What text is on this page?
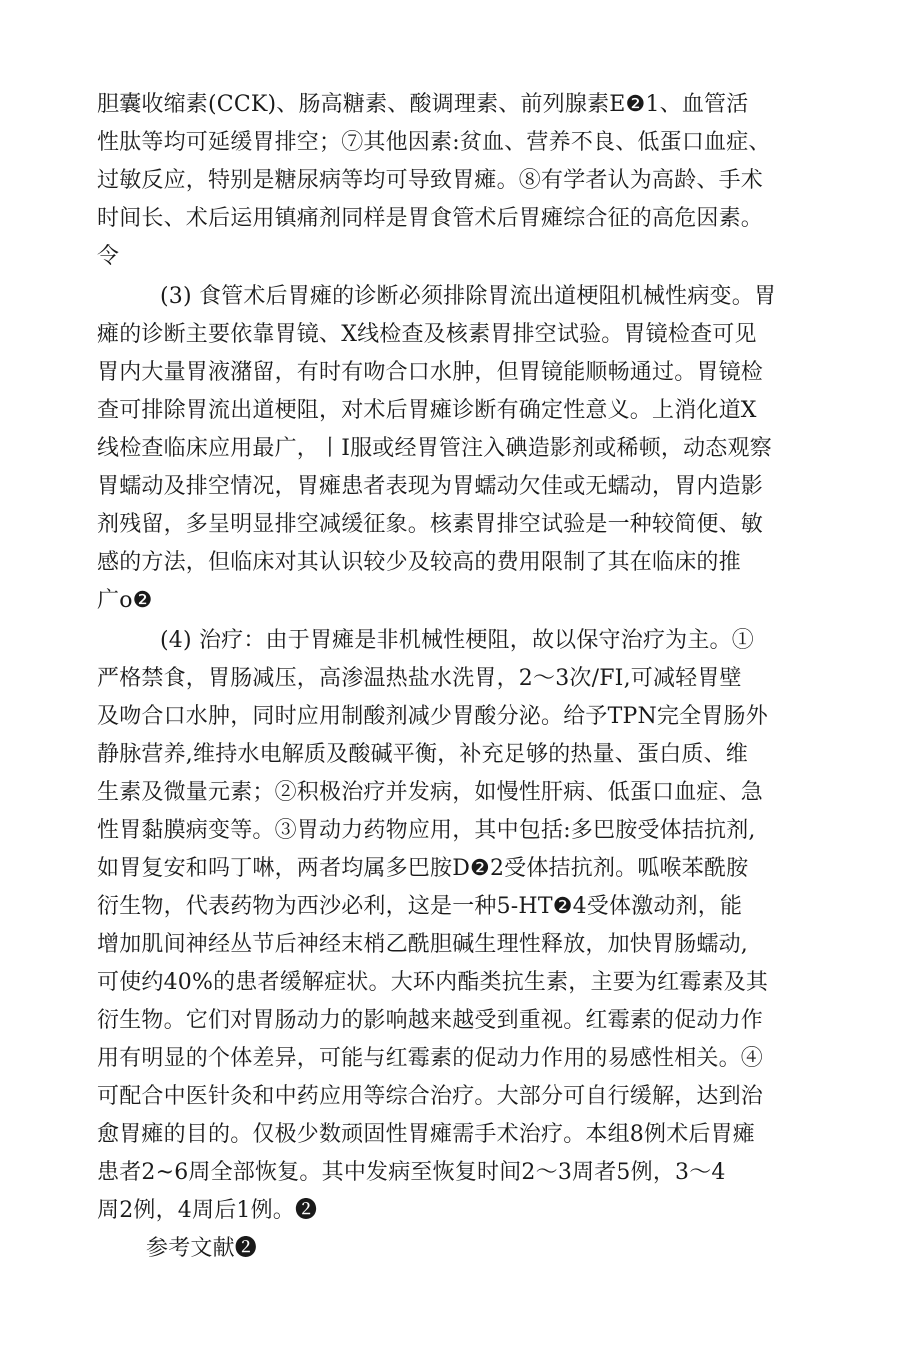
胆囊收缩素(CCK)、肠高糖素、酸调理素、前列腺素E❷1、血管活
性肽等均可延缓胃排空；⑦其他因素:贫血、营养不良、低蛋口血症、
过敏反应，特别是糖尿病等均可导致胃瘫。⑧有学者认为高龄、手术
时间长、术后运用镇痛剂同样是胃食管术后胃瘫综合征的高危因素。
令
(3) 食管术后胃瘫的诊断必须排除胃流出道梗阻机械性病变。胃
瘫的诊断主要依靠胃镜、X线检查及核素胃排空试验。胃镜检查可见
胃内大量胃液潴留，有时有吻合口水肿，但胃镜能顺畅通过。胃镜检
查可排除胃流出道梗阻，对术后胃瘫诊断有确定性意义。上消化道X
线检查临床应用最广，丨I服或经胃管注入碘造影剂或稀顿，动态观察
胃蠕动及排空情况，胃瘫患者表现为胃蠕动欠佳或无蠕动，胃内造影
剂残留，多呈明显排空减缓征象。核素胃排空试验是一种较简便、敏
感的方法，但临床对其认识较少及较高的费用限制了其在临床的推
广o❷
(4) 治疗：由于胃瘫是非机械性梗阻，故以保守治疗为主。①
严格禁食，胃肠减压，高渗温热盐水洗胃，2〜3次/FI,可减轻胃壁
及吻合口水肿，同时应用制酸剂减少胃酸分泌。给予TPN完全胃肠外
静脉营养,维持水电解质及酸碱平衡，补充足够的热量、蛋白质、维
生素及微量元素；②积极治疗并发病，如慢性肝病、低蛋口血症、急
性胃黏膜病变等。③胃动力药物应用，其中包括:多巴胺受体拮抗剂,
如胃复安和吗丁啉，两者均属多巴胺D❷2受体拮抗剂。呱喉苯酰胺
衍生物，代表药物为西沙必利，这是一种5-HT❷4受体激动剂，能
增加肌间神经丛节后神经末梢乙酰胆碱生理性释放，加快胃肠蠕动,
可使约40%的患者缓解症状。大环内酯类抗生素，主要为红霉素及其
衍生物。它们对胃肠动力的影响越来越受到重视。红霉素的促动力作
用有明显的个体差异，可能与红霉素的促动力作用的易感性相关。④
可配合中医针灸和中药应用等综合治疗。大部分可自行缓解，达到治
愈胃瘫的目的。仅极少数顽固性胃瘫需手术治疗。本组8例术后胃瘫
患者2~6周全部恢复。其中发病至恢复时间2〜3周者5例，3〜4
周2例，4周后1例。❷
参考文献❷
